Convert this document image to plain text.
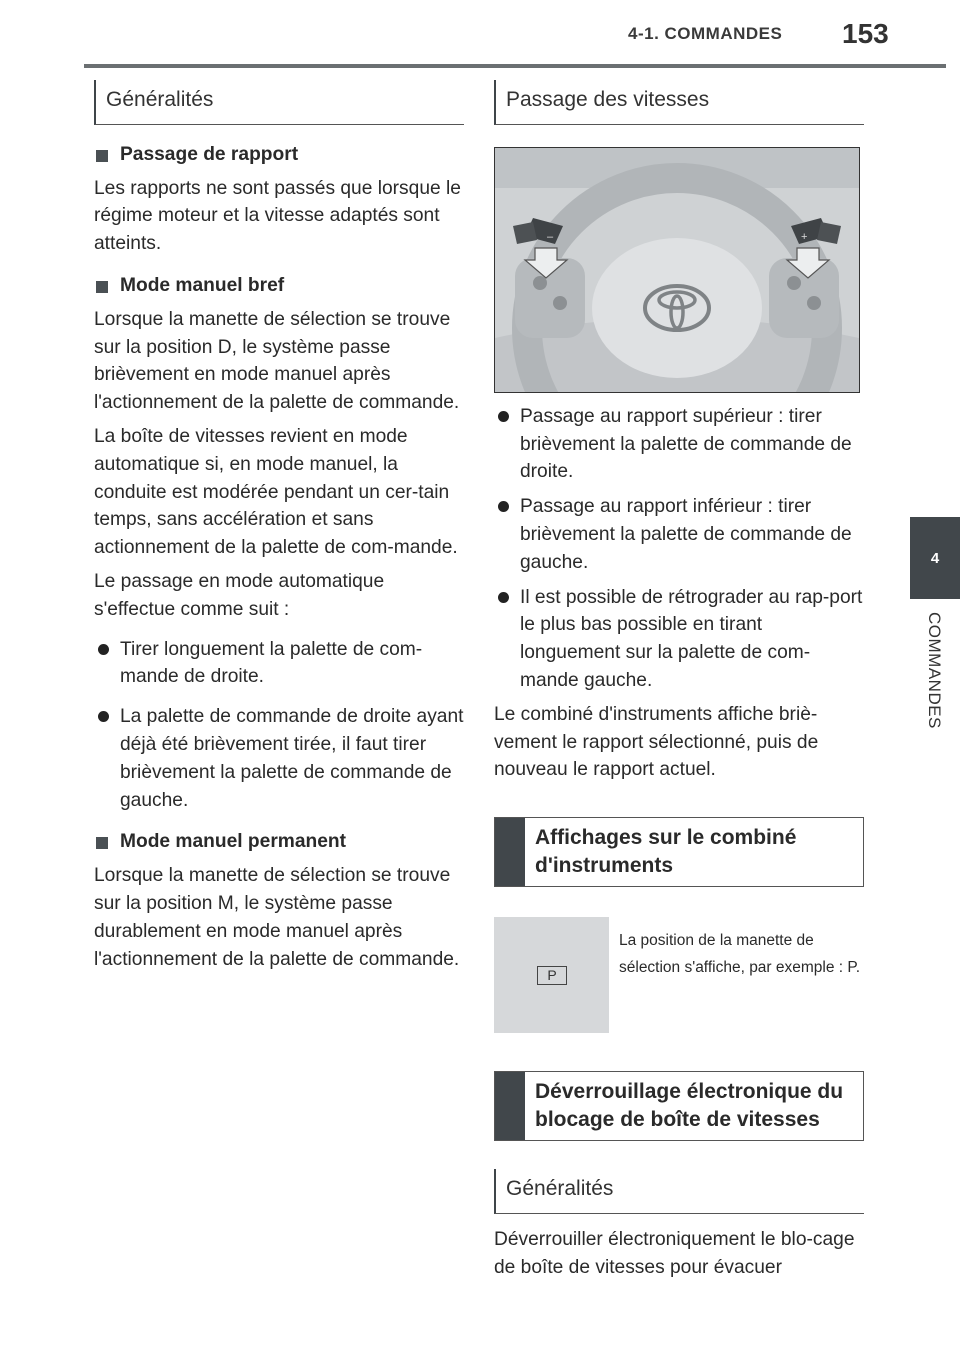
4-1. COMMANDES 153
4
COMMANDES
Généralités
Passage de rapport

Les rapports ne sont passés que lorsque le régime moteur et la vitesse adaptés sont atteints.

Mode manuel bref

Lorsque la manette de sélection se trouve sur la position D, le système passe brièvement en mode manuel après l'actionnement de la palette de commande.

La boîte de vitesses revient en mode automatique si, en mode manuel, la conduite est modérée pendant un cer-tain temps, sans accélération et sans actionnement de la palette de com-mande.

Le passage en mode automatique s'effectue comme suit :

Tirer longuement la palette de com-mande de droite.
La palette de commande de droite ayant déjà été brièvement tirée, il faut tirer brièvement la palette de commande de gauche.
Mode manuel permanent

Lorsque la manette de sélection se trouve sur la position M, le système passe durablement en mode manuel après l'actionnement de la palette de commande.

Passage des vitesses
–	+
Passage au rapport supérieur : tirer brièvement la palette de commande de droite.
Passage au rapport inférieur : tirer brièvement la palette de commande de gauche.
Il est possible de rétrograder au rap-port le plus bas possible en tirant longuement sur la palette de com-mande gauche.

Le combiné d'instruments affiche briè-vement le rapport sélectionné, puis de nouveau le rapport actuel.

Affichages sur le combiné d'instruments
P
La position de la manette de sélection s'affiche, par exemple : P.
Déverrouillage électronique du blocage de boîte de vitesses
Généralités

Déverrouiller électroniquement le blo-cage de boîte de vitesses pour évacuer
